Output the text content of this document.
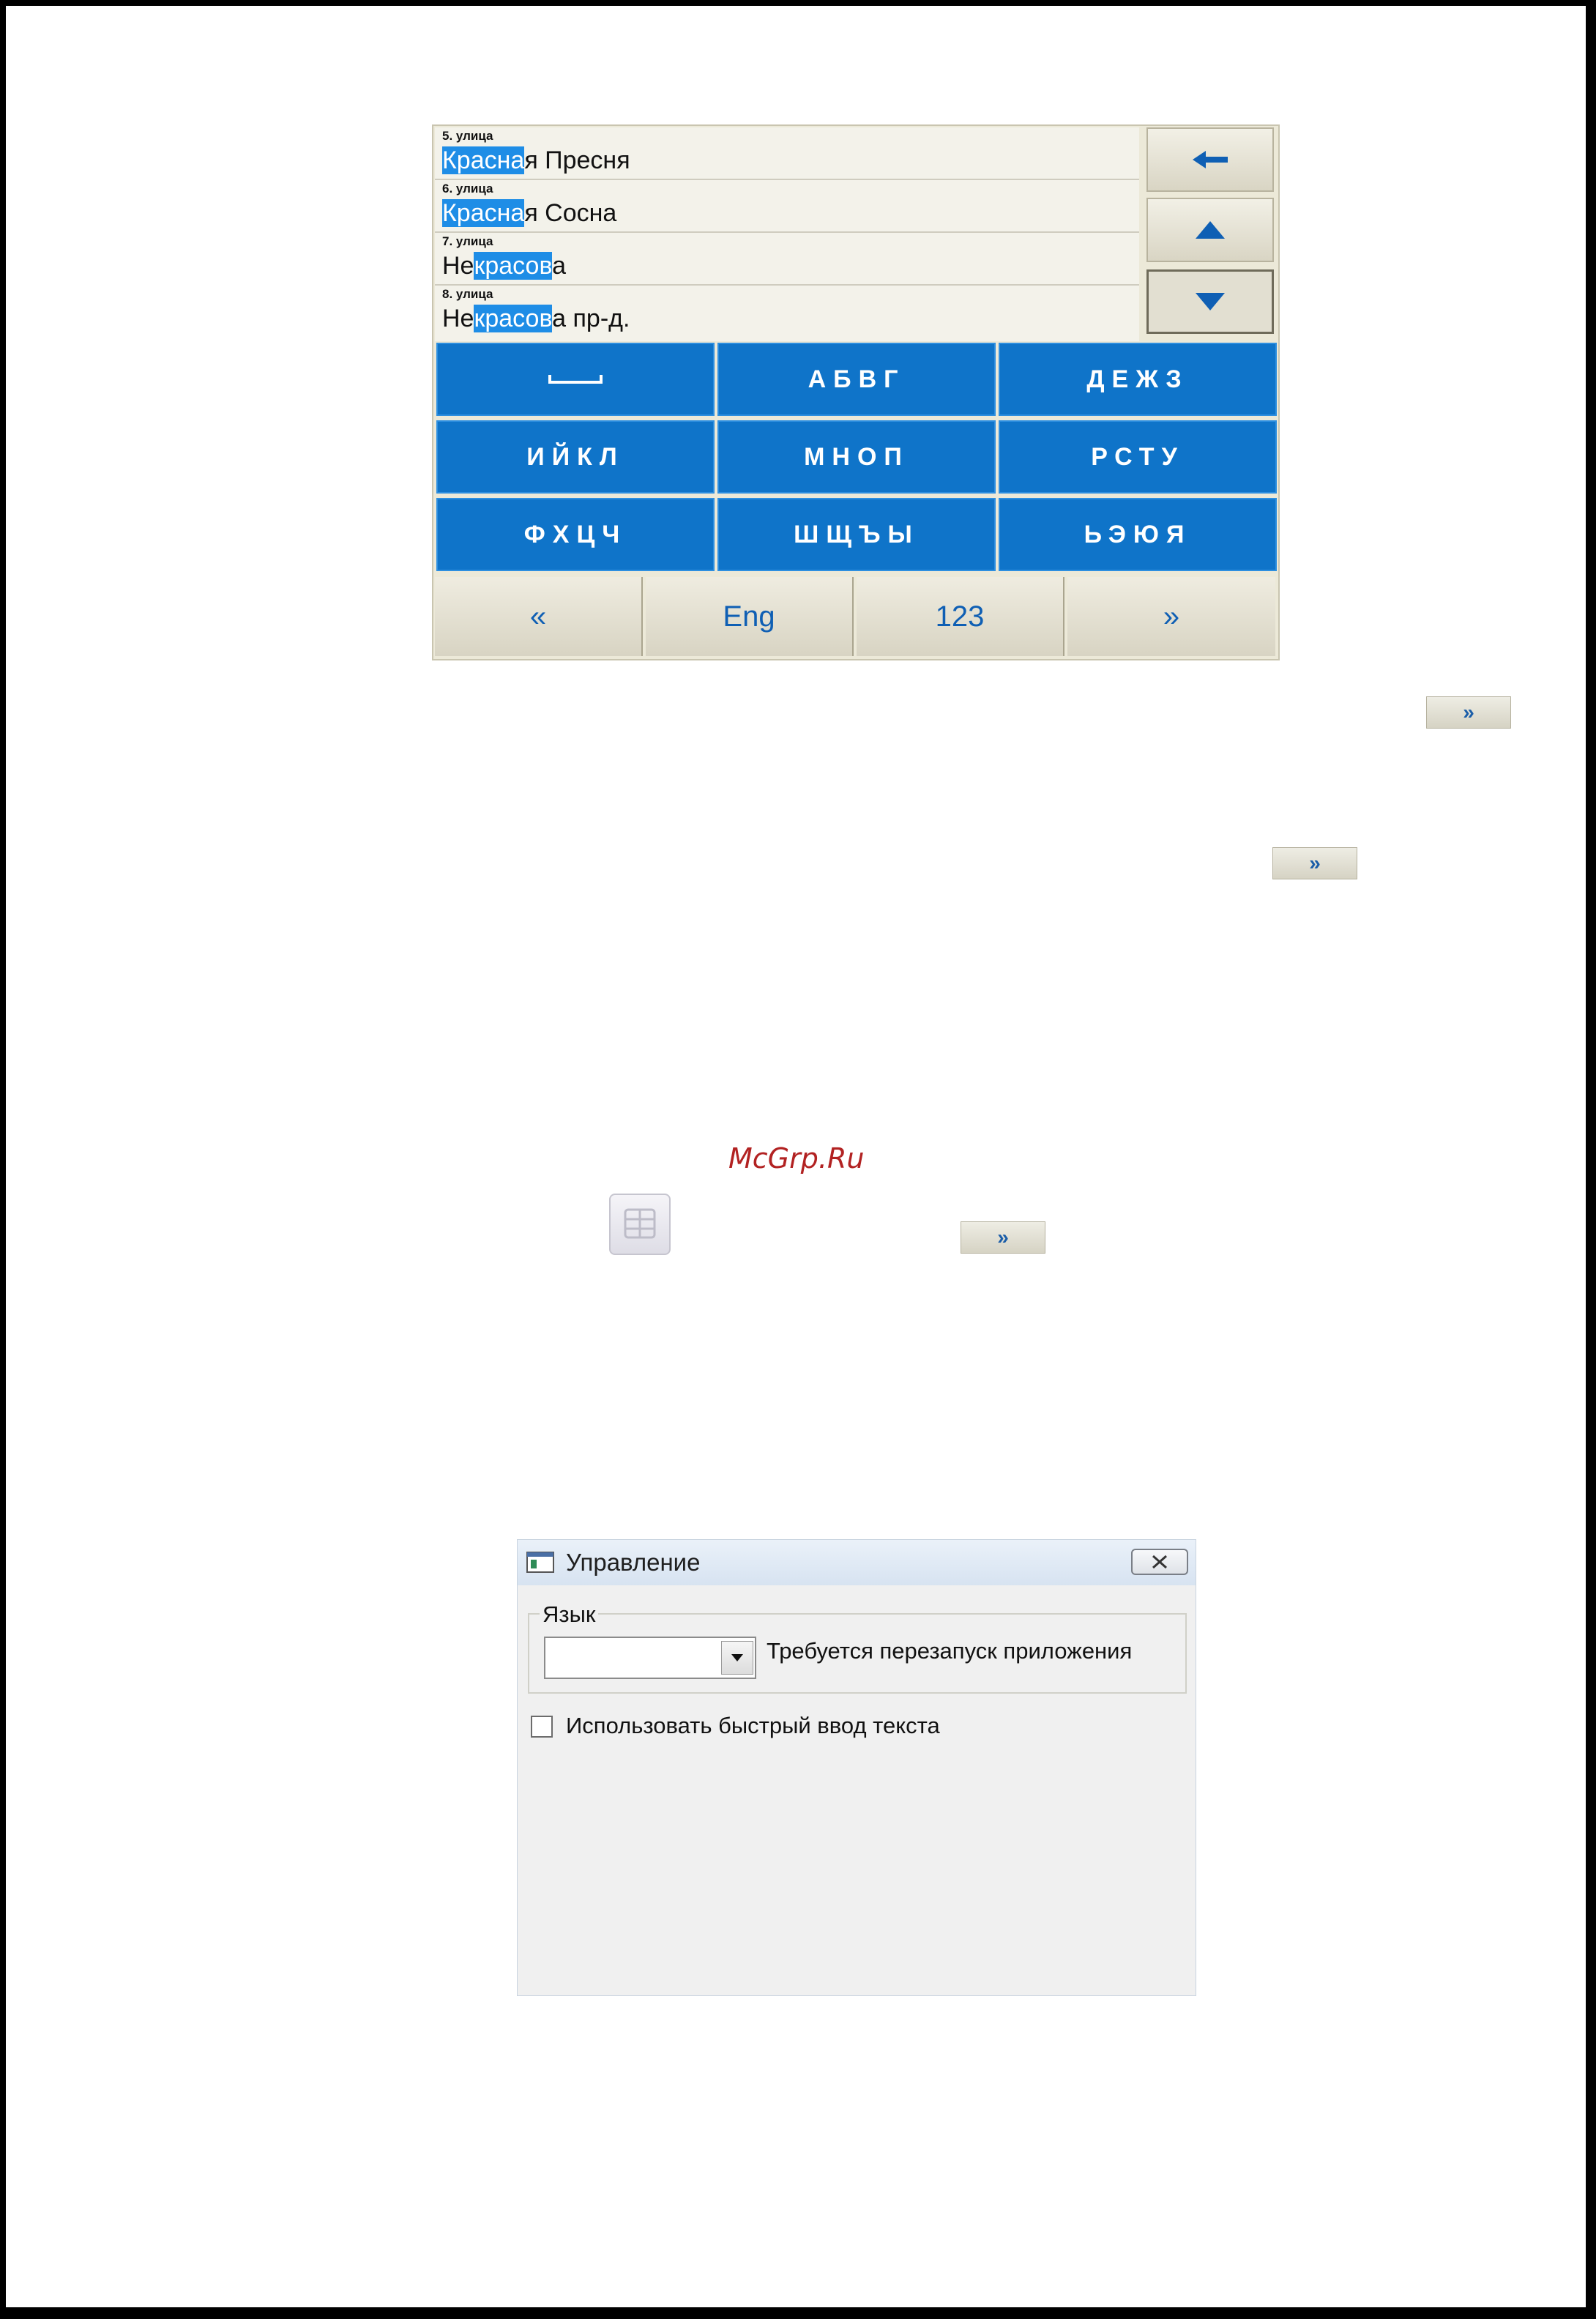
5. улица
Красная Пресня
6. улица
Красная Сосна
7. улица
Некрасова
8. улица
Некрасова пр-д.
АБВГ	ДЕЖЗ
ИЙКЛ	МНОП	РСТУ
ФХЦЧ	ШЩЪЫ	ЬЭЮЯ
«	Eng	123	»
»
»
»
McGrp.Ru
Управление
Язык
Требуется перезапуск приложения
Использовать быстрый ввод текста
